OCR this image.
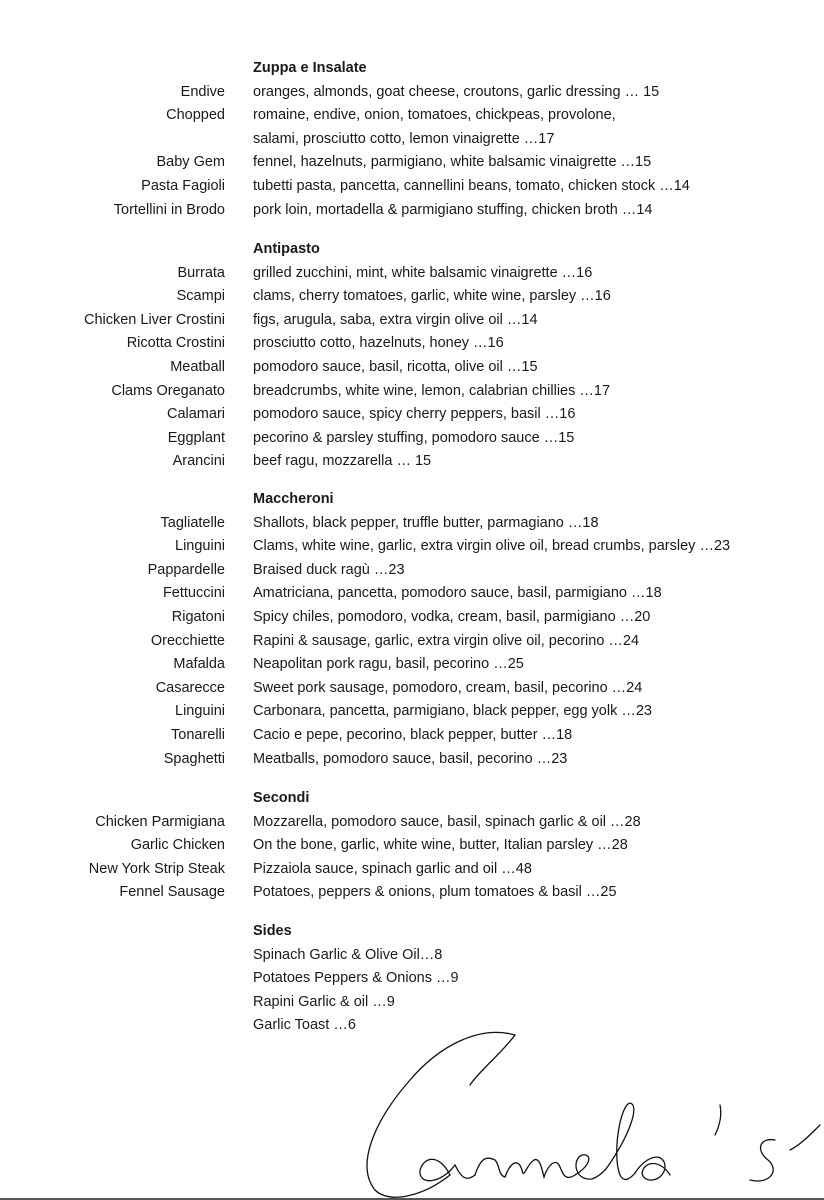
Zuppa e Insalate
Endive oranges, almonds, goat cheese, croutons, garlic dressing … 15
Chopped romaine, endive, onion, tomatoes, chickpeas, provolone,
salami, prosciutto cotto, lemon vinaigrette …17
Baby Gem fennel, hazelnuts, parmigiano, white balsamic vinaigrette …15
Pasta Fagioli tubetti pasta, pancetta, cannellini beans, tomato, chicken stock …14
Tortellini in Brodo pork loin, mortadella & parmigiano stuffing, chicken broth …14
Antipasto
Burrata grilled zucchini, mint, white balsamic vinaigrette …16
Scampi clams, cherry tomatoes, garlic, white wine, parsley …16
Chicken Liver Crostini figs, arugula, saba, extra virgin olive oil …14
Ricotta Crostini prosciutto cotto, hazelnuts, honey …16
Meatball pomodoro sauce, basil, ricotta, olive oil …15
Clams Oreganato breadcrumbs, white wine, lemon, calabrian chillies …17
Calamari pomodoro sauce, spicy cherry peppers, basil …16
Eggplant pecorino & parsley stuffing, pomodoro sauce …15
Arancini beef ragu, mozzarella … 15
Maccheroni
Tagliatelle Shallots, black pepper, truffle butter, parmagiano …18
Linguini Clams, white wine, garlic, extra virgin olive oil, bread crumbs, parsley …23
Pappardelle Braised duck ragù …23
Fettuccini Amatriciana, pancetta, pomodoro sauce, basil, parmigiano …18
Rigatoni Spicy chiles, pomodoro, vodka, cream, basil, parmigiano …20
Orecchiette Rapini & sausage, garlic, extra virgin olive oil, pecorino …24
Mafalda Neapolitan pork ragu, basil, pecorino …25
Casarecce Sweet pork sausage, pomodoro, cream, basil, pecorino …24
Linguini Carbonara, pancetta, parmigiano, black pepper, egg yolk …23
Tonarelli Cacio e pepe, pecorino, black pepper, butter …18
Spaghetti Meatballs, pomodoro sauce, basil, pecorino …23
Secondi
Chicken Parmigiana Mozzarella, pomodoro sauce, basil, spinach garlic & oil …28
Garlic Chicken On the bone, garlic, white wine, butter, Italian parsley …28
New York Strip Steak Pizzaiola sauce, spinach garlic and oil …48
Fennel Sausage Potatoes, peppers & onions, plum tomatoes & basil …25
Sides
Spinach Garlic & Olive Oil…8
Potatoes Peppers & Onions …9
Rapini Garlic & oil …9
Garlic Toast …6
